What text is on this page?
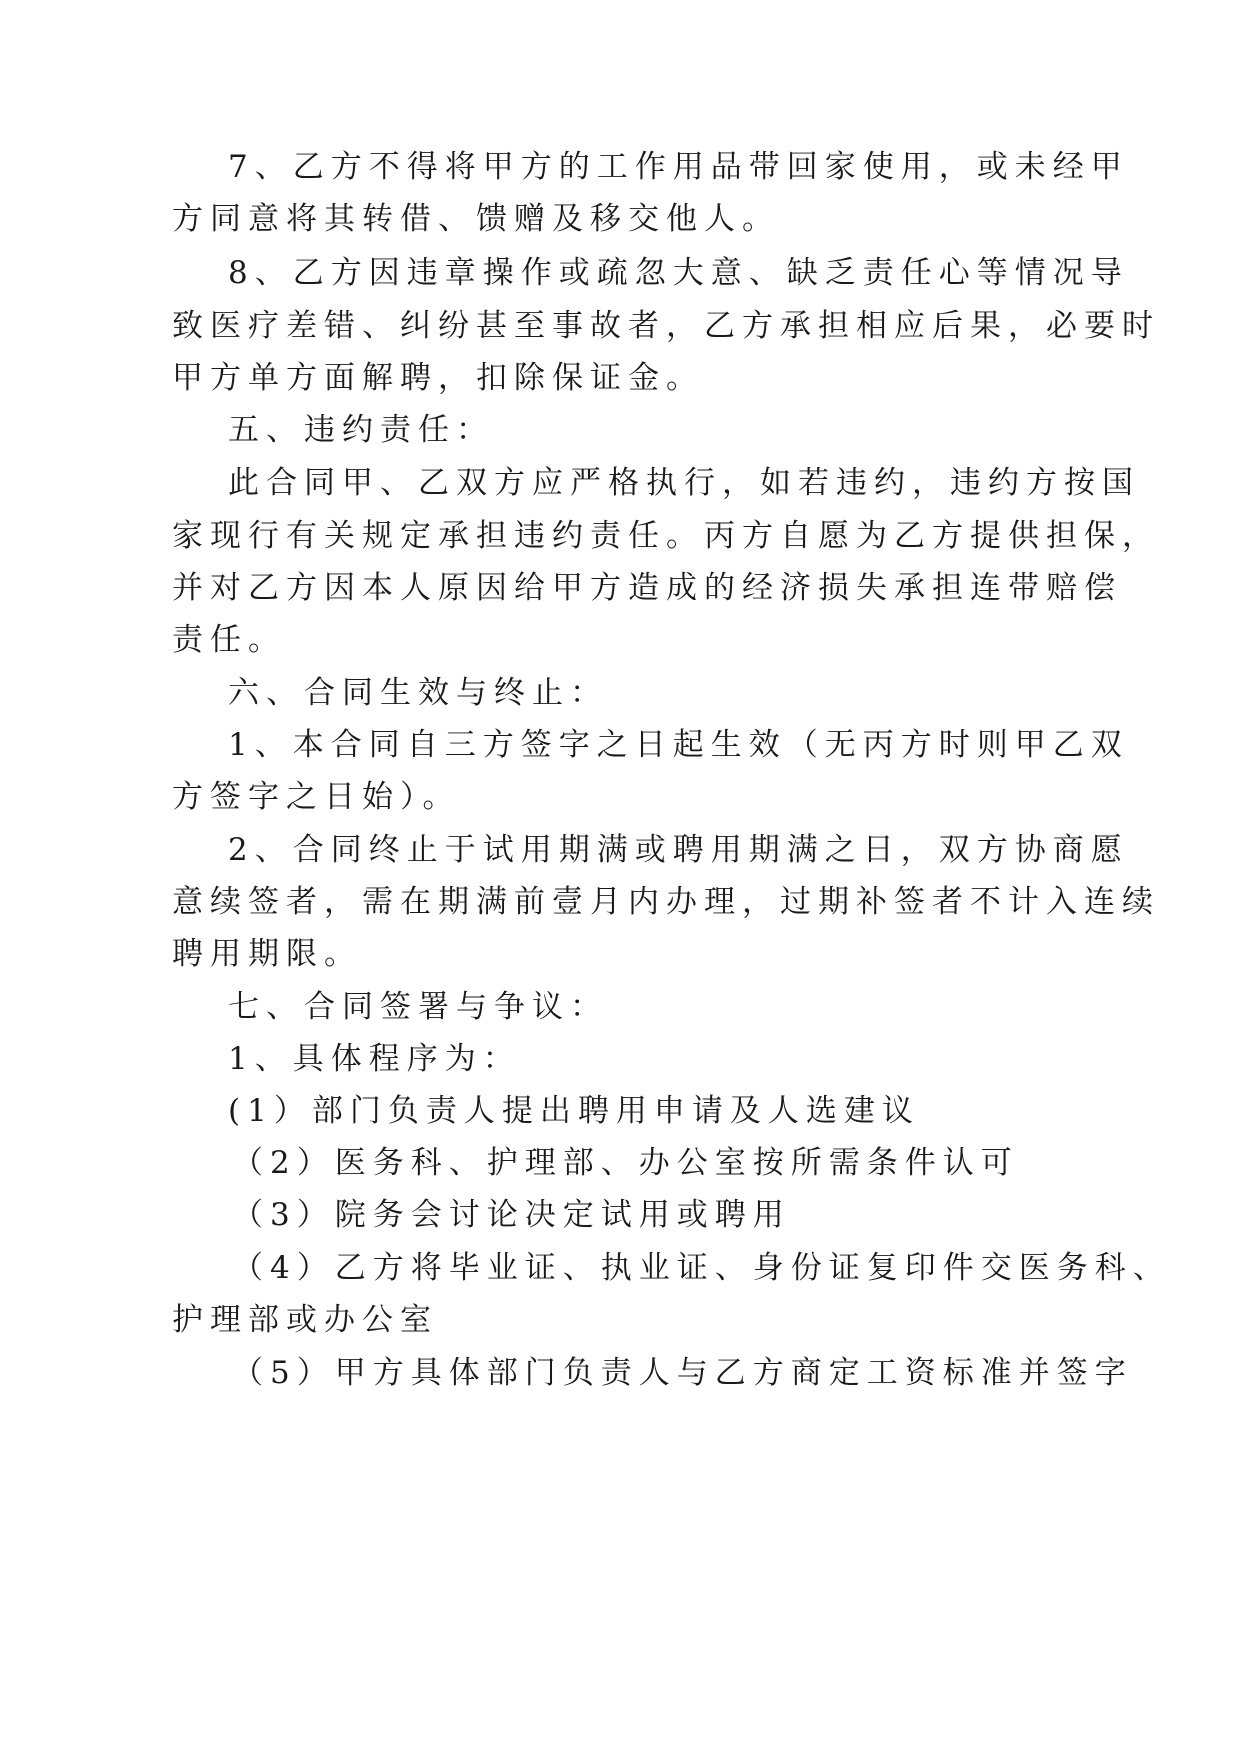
7、乙方不得将甲方的工作用品带回家使用，或未经甲
方同意将其转借、馈赠及移交他人。
8、乙方因违章操作或疏忽大意、缺乏责任心等情况导
致医疗差错、纠纷甚至事故者，乙方承担相应后果，必要时
甲方单方面解聘，扣除保证金。
五、违约责任：
此合同甲、乙双方应严格执行，如若违约，违约方按国
家现行有关规定承担违约责任。丙方自愿为乙方提供担保，
并对乙方因本人原因给甲方造成的经济损失承担连带赔偿
责任。
六、合同生效与终止：
1、本合同自三方签字之日起生效（无丙方时则甲乙双
方签字之日始）。
2、合同终止于试用期满或聘用期满之日，双方协商愿
意续签者，需在期满前壹月内办理，过期补签者不计入连续
聘用期限。
七、合同签署与争议：
1、具体程序为：
(1）部门负责人提出聘用申请及人选建议
（2）医务科、护理部、办公室按所需条件认可
（3）院务会讨论决定试用或聘用
（4）乙方将毕业证、执业证、身份证复印件交医务科、
护理部或办公室
（5）甲方具体部门负责人与乙方商定工资标准并签字
